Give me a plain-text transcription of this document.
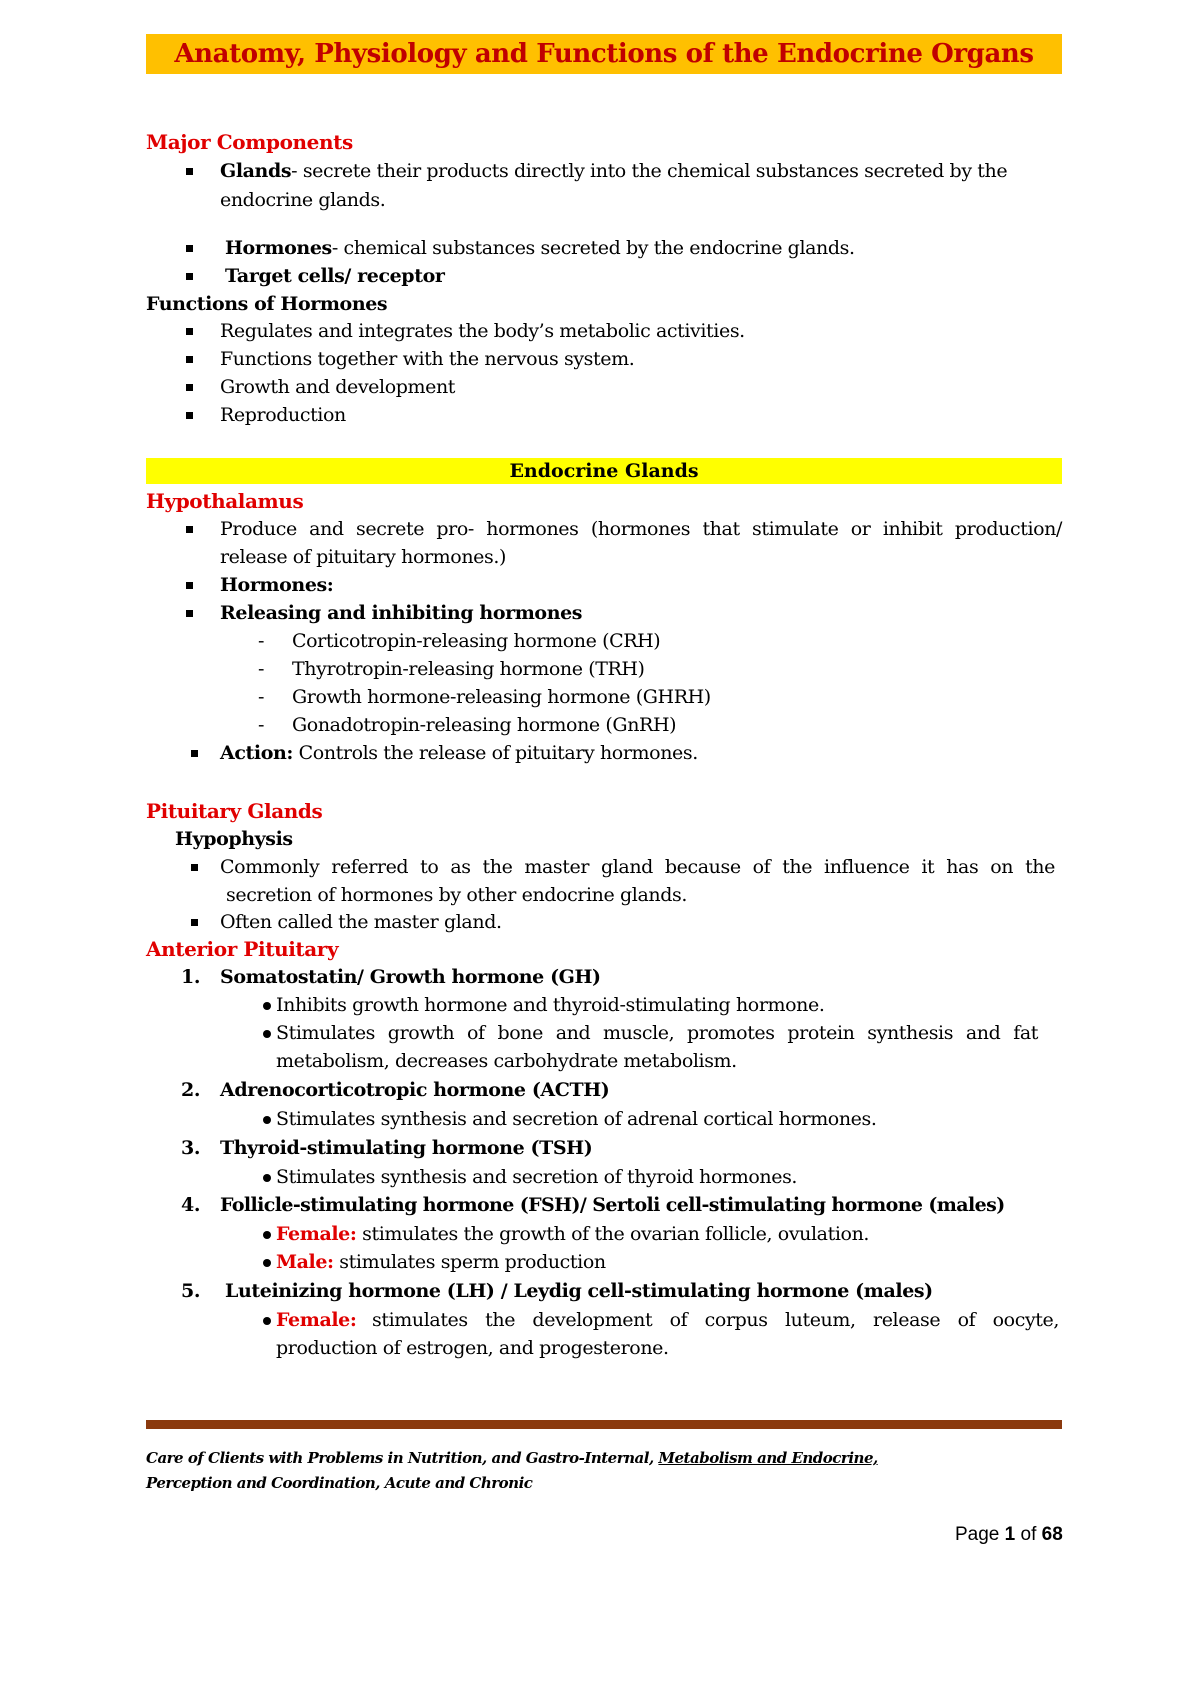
Anatomy, Physiology and Functions of the Endocrine Organs
Major Components
Glands- secrete their products directly into the chemical substances secreted by the
endocrine glands.
Hormones- chemical substances secreted by the endocrine glands.
Target cells/ receptor
Functions of Hormones
Regulates and integrates the body’s metabolic activities.
Functions together with the nervous system.
Growth and development
Reproduction
Endocrine Glands
Hypothalamus
Produce and secrete pro- hormones (hormones that stimulate or inhibit production/
release of pituitary hormones.)
Hormones:
Releasing and inhibiting hormones
- Corticotropin-releasing hormone (CRH)
- Thyrotropin-releasing hormone (TRH)
- Growth hormone-releasing hormone (GHRH)
- Gonadotropin-releasing hormone (GnRH)
Action: Controls the release of pituitary hormones.
Pituitary Glands
Hypophysis
Commonly referred to as the master gland because of the influence it has on the
secretion of hormones by other endocrine glands.
Often called the master gland.
Anterior Pituitary
1. Somatostatin/ Growth hormone (GH)
Inhibits growth hormone and thyroid-stimulating hormone.
Stimulates growth of bone and muscle, promotes protein synthesis and fat
metabolism, decreases carbohydrate metabolism.
2. Adrenocorticotropic hormone (ACTH)
Stimulates synthesis and secretion of adrenal cortical hormones.
3. Thyroid-stimulating hormone (TSH)
Stimulates synthesis and secretion of thyroid hormones.
4. Follicle-stimulating hormone (FSH)/ Sertoli cell-stimulating hormone (males)
Female: stimulates the growth of the ovarian follicle, ovulation.
Male: stimulates sperm production
5. Luteinizing hormone (LH) / Leydig cell-stimulating hormone (males)
Female: stimulates the development of corpus luteum, release of oocyte,
production of estrogen, and progesterone.
Care of Clients with Problems in Nutrition, and Gastro-Internal, Metabolism and Endocrine,
Perception and Coordination, Acute and Chronic
Page 1 of 68
